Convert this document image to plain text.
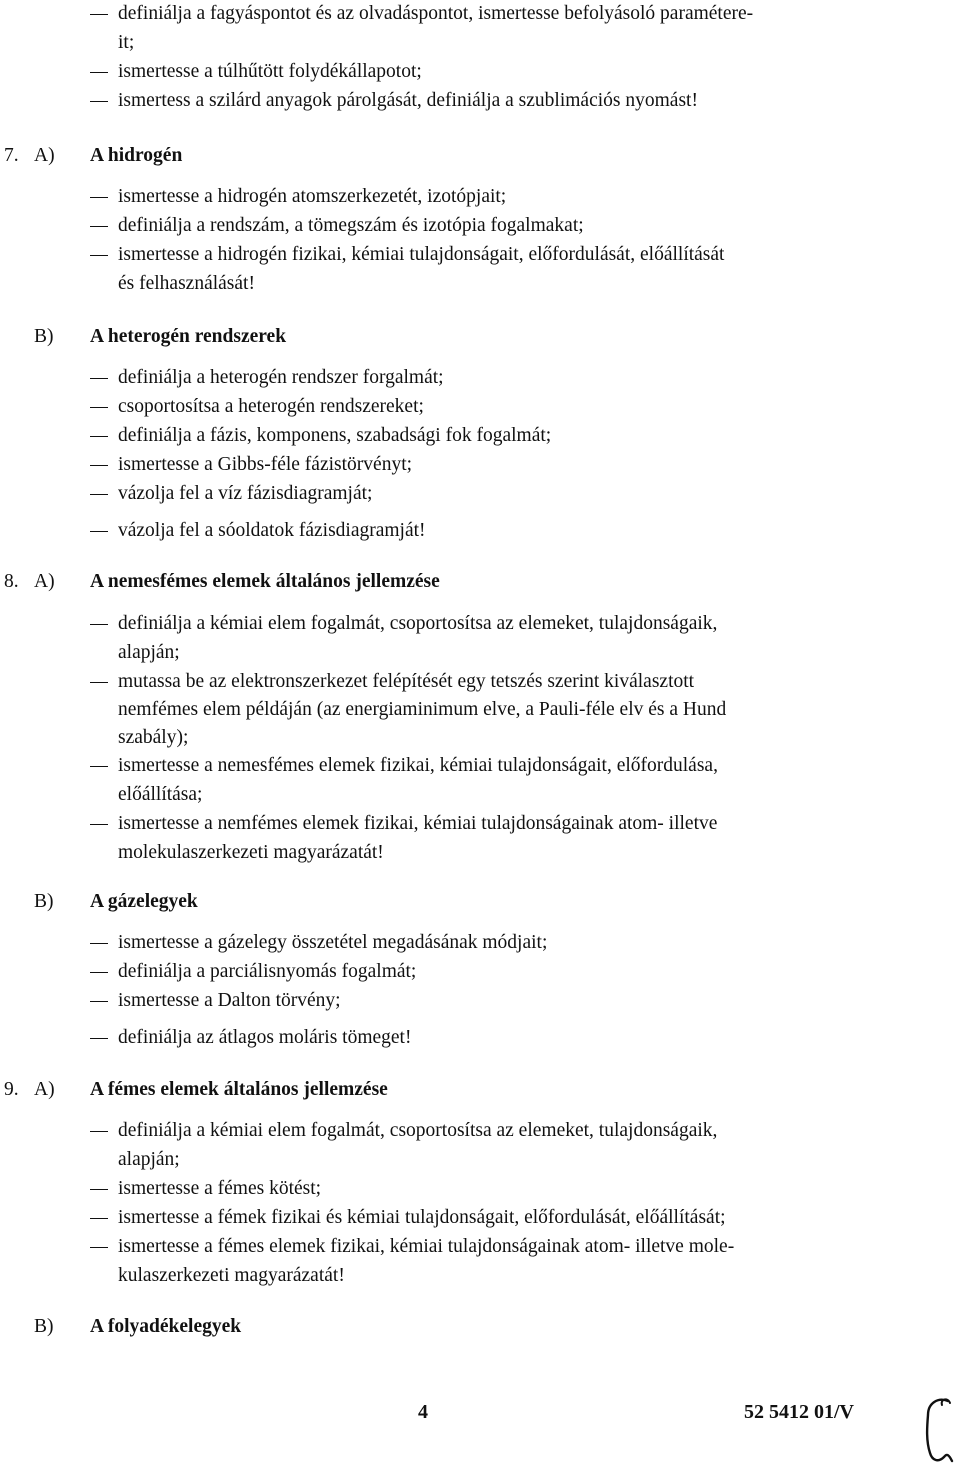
definiálja a fagyáspontot és az olvadáspontot, ismertesse befolyásoló paramétere-
it;
ismertesse a túlhűtött folydékállapotot;
ismertess a szilárd anyagok párolgását, definiálja a szublimációs nyomást!
7. A) A hidrogén
ismertesse a hidrogén atomszerkezetét, izotópjait;
definiálja a rendszám, a tömegszám és izotópia fogalmakat;
ismertesse a hidrogén fizikai, kémiai tulajdonságait, előfordulását, előállítását
és felhasználását!
B) A heterogén rendszerek
definiálja a heterogén rendszer forgalmát;
csoportosítsa a heterogén rendszereket;
definiálja a fázis, komponens, szabadsági fok fogalmát;
ismertesse a Gibbs-féle fázistörvényt;
vázolja fel a víz fázisdiagramját;
vázolja fel a sóoldatok fázisdiagramját!
8. A) A nemesfémes elemek általános jellemzése
definiálja a kémiai elem fogalmát, csoportosítsa az elemeket, tulajdonságaik,
alapján;
mutassa be az elektronszerkezet felépítését egy tetszés szerint kiválasztott
nemfémes elem példáján (az energiaminimum elve, a Pauli-féle elv és a Hund
szabály);
ismertesse a nemesfémes elemek fizikai, kémiai tulajdonságait, előfordulása,
előállítása;
ismertesse a nemfémes elemek fizikai, kémiai tulajdonságainak atom- illetve
molekulaszerkezeti magyarázatát!
B) A gázelegyek
ismertesse a gázelegy összetétel megadásának módjait;
definiálja a parciálisnyomás fogalmát;
ismertesse a Dalton törvény;
definiálja az átlagos moláris tömeget!
9. A) A fémes elemek általános jellemzése
definiálja a kémiai elem fogalmát, csoportosítsa az elemeket, tulajdonságaik,
alapján;
ismertesse a fémes kötést;
ismertesse a fémek fizikai és kémiai tulajdonságait, előfordulását, előállítását;
ismertesse a fémes elemek fizikai, kémiai tulajdonságainak atom- illetve mole-
kulaszerkezeti magyarázatát!
B) A folyadékelegyek
4	52 5412 01/V
